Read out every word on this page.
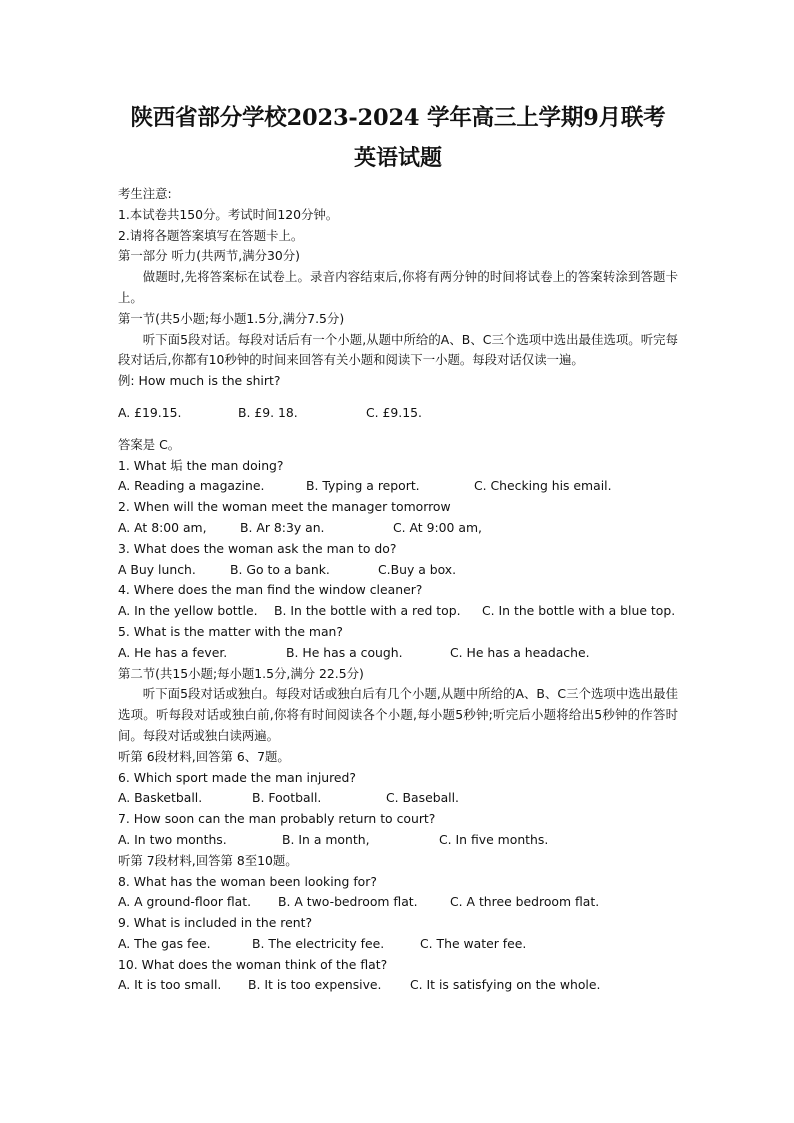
陕西省部分学校2023-2024 学年高三上学期9月联考
英语试题

考生注意:

1.本试卷共150分。考试时间120分钟。

2.请将各题答案填写在答题卡上。

第一部分 听力(共两节,满分30分)

做题时,先将答案标在试卷上。录音内容结束后,你将有两分钟的时间将试卷上的答案转涂到答题卡上。

第一节(共5小题;每小题1.5分,满分7.5分)

听下面5段对话。每段对话后有一个小题,从题中所给的A、B、C三个选项中选出最佳选项。听完每段对话后,你都有10秒钟的时间来回答有关小题和阅读下一小题。每段对话仅读一遍。

例: How much is the shirt?

A. £19.15.	B. £9. 18.	C. £9.15.

答案是 C。

1. What 垢 the man doing?

A. Reading a magazine.	B. Typing a report.	C. Checking his email.

2. When will the woman meet the manager tomorrow

A. At 8:00 am,	B. Ar 8:3y an.	C. At 9:00 am,

3. What does the woman ask the man to do?

A Buy lunch.	B. Go to a bank.	C.Buy a box.

4. Where does the man find the window cleaner?

A. In the yellow bottle.	B. In the bottle with a red top.	C. In the bottle with a blue top.

5. What is the matter with the man?

A. He has a fever.	B. He has a cough.	C. He has a headache.

第二节(共15小题;每小题1.5分,满分 22.5分)

听下面5段对话或独白。每段对话或独白后有几个小题,从题中所给的A、B、C三个选项中选出最佳选项。听每段对话或独白前,你将有时间阅读各个小题,每小题5秒钟;听完后小题将给出5秒钟的作答时间。每段对话或独白读两遍。

听第 6段材料,回答第 6、7题。

6. Which sport made the man injured?

A. Basketball.	B. Football.	C. Baseball.

7. How soon can the man probably return to court?

A. In two months.	B. In a month,	C. In five months.

听第 7段材料,回答第 8至10题。

8. What has the woman been looking for?

A. A ground-floor flat.	B. A two-bedroom flat.	C. A three bedroom flat.

9. What is included in the rent?

A. The gas fee.	B. The electricity fee.	C. The water fee.

10. What does the woman think of the flat?

A. It is too small.	B. It is too expensive.	C. It is satisfying on the whole.
